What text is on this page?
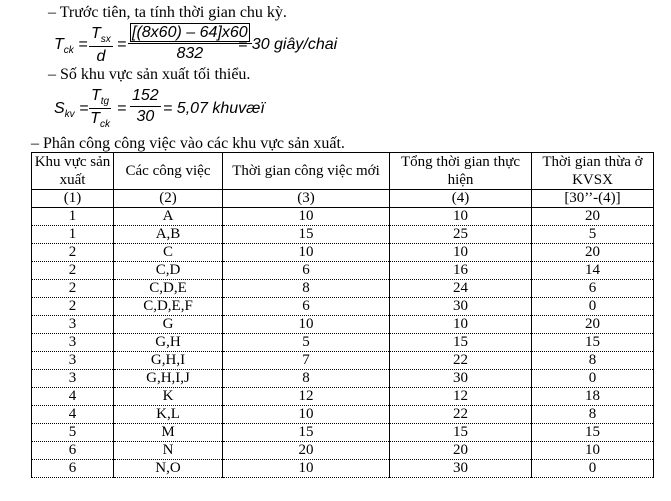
– Trước tiên, ta tính thời gian chu kỳ.
$T_{ck}$ =
$T_{sx}$
d
= $\frac{[(8x60) - 64]x60}{832}$
= 30 giây/chai
– Số khu vực sản xuất tối thiểu.
$S_{kv}$ =
$T_{tg}$
$T_{ck}$
= $\frac{152}{30} = 5,07$ khuvæï
– Phân công công việc vào các khu vực sản xuất.
Khu vực sản xuất	Các công việc	Thời gian công việc mới	Tổng thời gian thực hiện	Thời gian thừa ở KVSX
(1)	(2)	(3)	(4)	[30’’-(4)]
1	A	10	10	20
1	A,B	15	25	5
2	C	10	10	20
2	C,D	6	16	14
2	C,D,E	8	24	6
2	C,D,E,F	6	30	0
3	G	10	10	20
3	G,H	5	15	15
3	G,H,I	7	22	8
3	G,H,I,J	8	30	0
4	K	12	12	18
4	K,L	10	22	8
5	M	15	15	15
6	N	20	20	10
6	N,O	10	30	0
